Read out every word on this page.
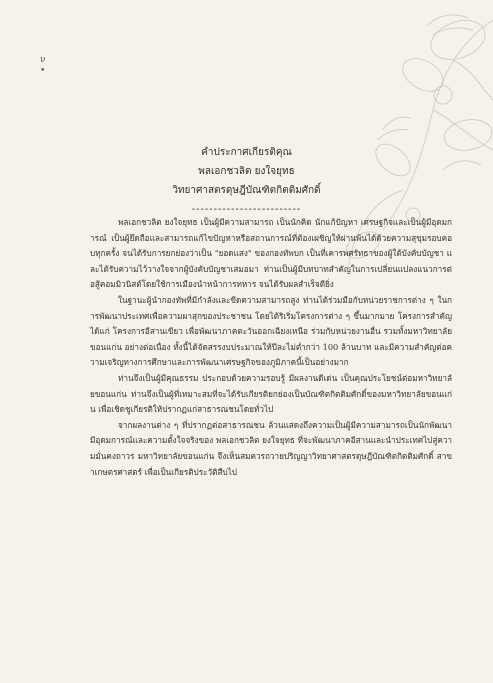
ν
•
คำประกาศเกียรติคุณ
พลเอกชวลิต ยงใจยุทธ
วิทยาศาสตรดุษฎีบัณฑิตกิตติมศักดิ์
-------------------------

พลเอกชวลิต ยงใจยุทธ เป็นผู้มีความสามารถ เป็นนักคิด นักแก้ปัญหา เศรษฐกิจและเป็นผู้มีอุดมการณ์ เป็นผู้ยึดถือและสามารถแก้ไขปัญหาหรือสถานการณ์ที่ต้องเผชิญให้ผ่านพ้นได้ด้วยความสุขุมรอบคอบทุกครั้ง จนได้รับการยกย่องว่าเป็น "ยอดแสง" ของกองทัพบก เป็นที่เคารพศรัทธาของผู้ใต้บังคับบัญชา และได้รับความไว้วางใจจากผู้บังคับบัญชาเสมอมา ท่านเป็นผู้มีบทบาทสำคัญในการเปลี่ยนแปลงแนวการต่อสู้คอมมิวนิสต์โดยใช้การเมืองนำหน้าการทหาร จนได้รับผลสำเร็จดียิ่ง

ในฐานะผู้นำกองทัพที่มีกำลังและขีดความสามารถสูง ท่านได้ร่วมมือกับหน่วยราชการต่าง ๆ ในการพัฒนาประเทศเพื่อความผาสุกของประชาชน โดยได้ริเริ่มโครงการต่าง ๆ ขึ้นมากมาย โครงการสำคัญได้แก่ โครงการอีสานเขียว เพื่อพัฒนาภาคตะวันออกเฉียงเหนือ ร่วมกับหน่วยงานอื่น รวมทั้งมหาวิทยาลัยขอนแก่น อย่างต่อเนื่อง ทั้งนี้ได้จัดสรรงบประมาณให้ปีละไม่ต่ำกว่า 100 ล้านบาท และมีความสำคัญต่อความเจริญทางการศึกษาและการพัฒนาเศรษฐกิจของภูมิภาคนี้เป็นอย่างมาก

ท่านจึงเป็นผู้มีคุณธรรม ประกอบด้วยความรอบรู้ มีผลงานดีเด่น เป็นคุณประโยชน์ต่อมหาวิทยาลัยขอนแก่น ท่านจึงเป็นผู้ที่เหมาะสมที่จะได้รับเกียรติยกย่องเป็นบัณฑิตกิตติมศักดิ์ของมหาวิทยาลัยขอนแก่น เพื่อเชิดชูเกียรติให้ปรากฏแก่สาธารณชนโดยทั่วไป

จากผลงานต่าง ๆ ที่ปรากฏต่อสาธารณชน ล้วนแสดงถึงความเป็นผู้มีความสามารถเป็นนักพัฒนา มีอุดมการณ์และความตั้งใจจริงของ พลเอกชวลิต ยงใจยุทธ ที่จะพัฒนาภาคอีสานและนำประเทศไปสู่ความมั่นคงถาวร มหาวิทยาลัยขอนแก่น จึงเห็นสมควรถวายปริญญาวิทยาศาสตรดุษฎีบัณฑิตกิตติมศักดิ์ สาขาเกษตรศาสตร์ เพื่อเป็นเกียรติประวัติสืบไป
